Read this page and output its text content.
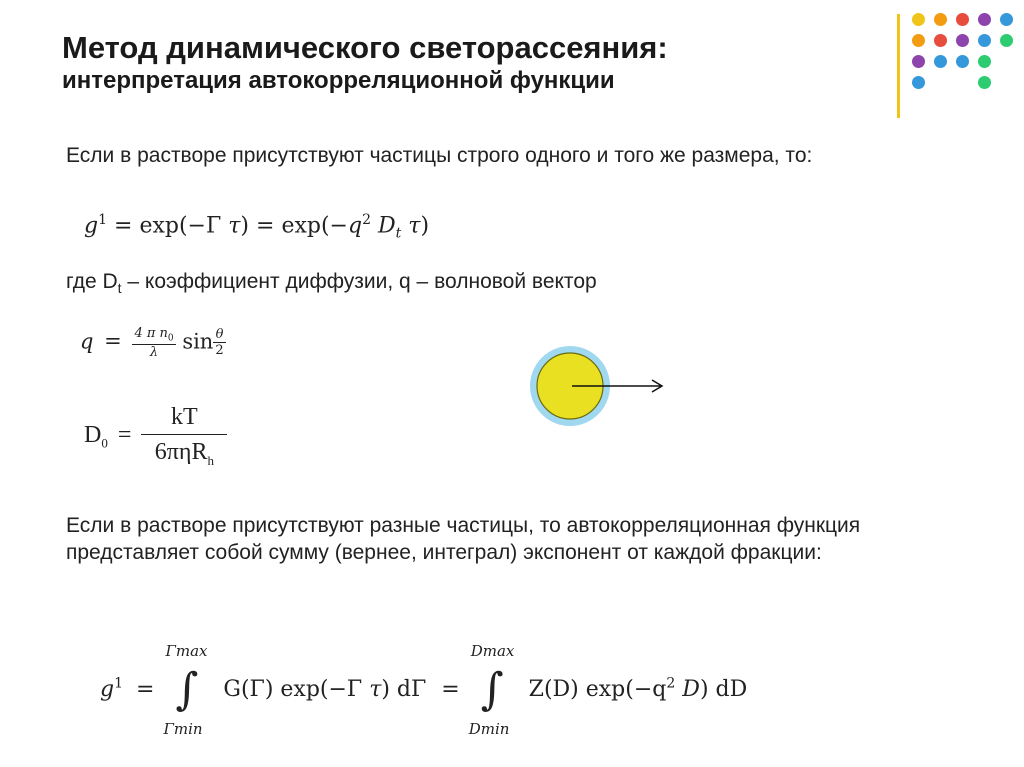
Метод динамического светорассеяния:
интерпретация автокорреляционной функции

Если в растворе присутствуют частицы строго одного и того же размера, то:

$g^1 = \exp(-\Gamma$ $\tau) = \exp(-q^2$ $D_t$ τ)

где $D_t$ – коэффициент диффузии, q – волновой вектор

$q = \frac{4 \pi n_0}{\lambda}$ $\sin \frac{\theta}{2}$
$D_0 = \frac{kT}{6\pi\eta R_h}$

Если в растворе присутствуют разные частицы, то автокорреляционная функция представляет собой сумму (вернее, интеграл) экспонент от каждой фракции:

$g^1$ =
Γmax
∫
Γmin
G(Γ) exp(−Γ τ) dΓ =
Dmax
∫
Dmin
Z(D) $\exp(-q^2$ D) dD
